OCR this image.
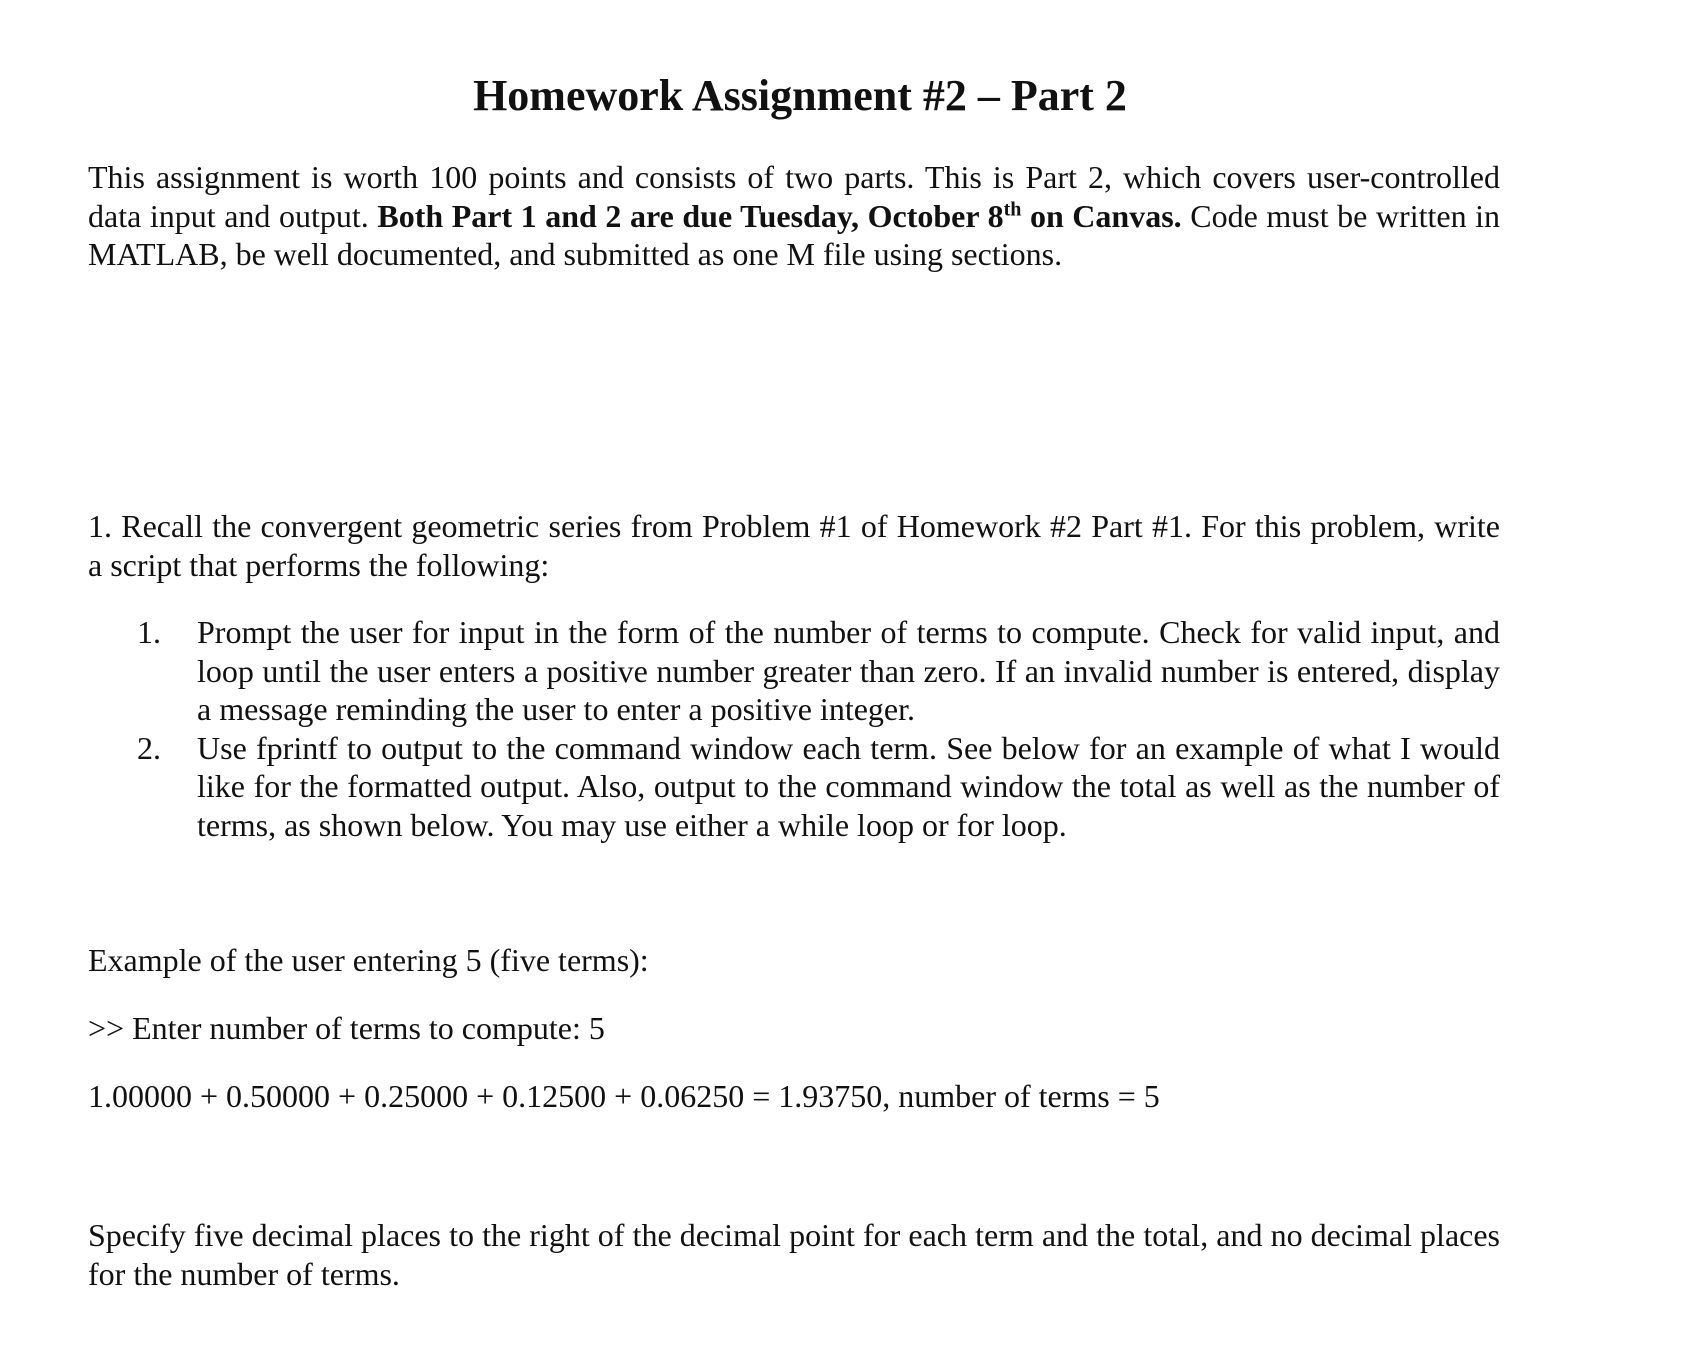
Homework Assignment #2 – Part 2

This assignment is worth 100 points and consists of two parts. This is Part 2, which covers user-controlled data input and output. Both Part 1 and 2 are due Tuesday, October 8th on Canvas. Code must be written in MATLAB, be well documented, and submitted as one M file using sections.

1. Recall the convergent geometric series from Problem #1 of Homework #2 Part #1. For this problem, write a script that performs the following:

1. Prompt the user for input in the form of the number of terms to compute. Check for valid input, and loop until the user enters a positive number greater than zero. If an invalid number is entered, display a message reminding the user to enter a positive integer.
2. Use fprintf to output to the command window each term. See below for an example of what I would like for the formatted output. Also, output to the command window the total as well as the number of terms, as shown below. You may use either a while loop or for loop.

Example of the user entering 5 (five terms):

>> Enter number of terms to compute: 5

1.00000 + 0.50000 + 0.25000 + 0.12500 + 0.06250 = 1.93750, number of terms = 5

Specify five decimal places to the right of the decimal point for each term and the total, and no decimal places for the number of terms.
